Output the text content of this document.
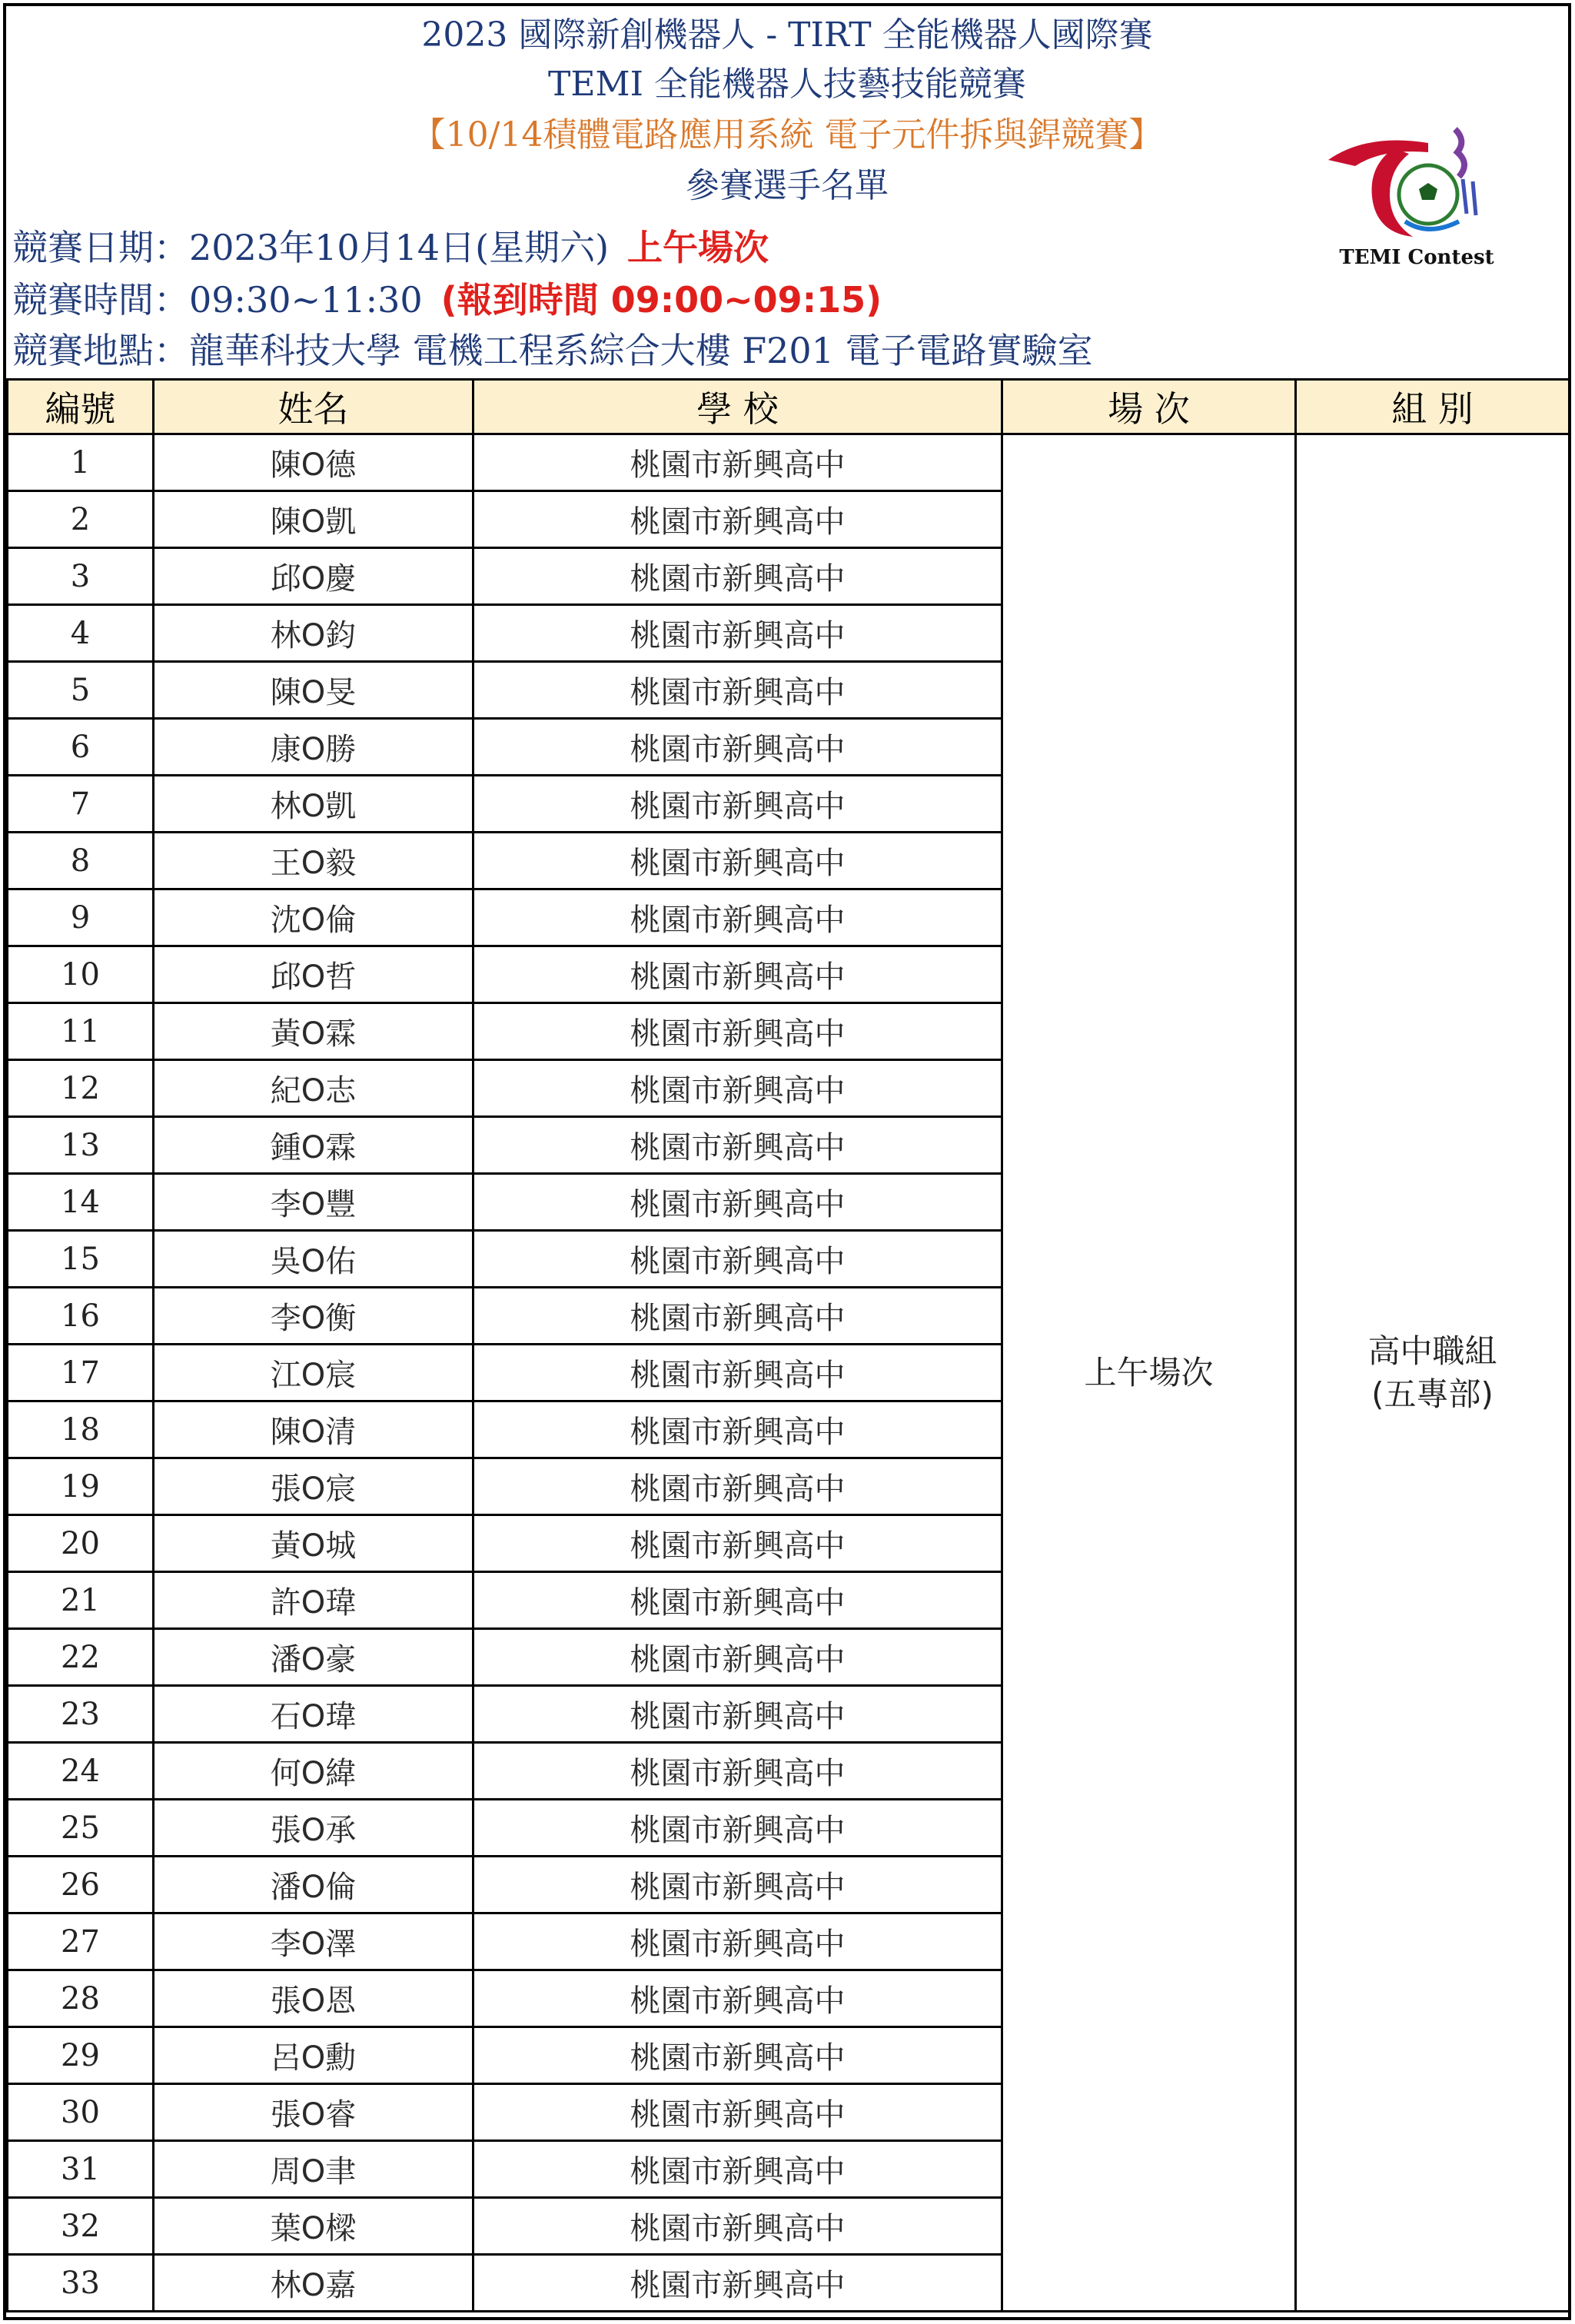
2023 國際新創機器人 - TIRT 全能機器人國際賽
TEMI 全能機器人技藝技能競賽
【10/14積體電路應用系統 電子元件拆與銲競賽】
參賽選手名單
競賽日期：2023年10月14日(星期六) 上午場次
競賽時間：09:30~11:30 (報到時間 09:00~09:15)
競賽地點：龍華科技大學 電機工程系綜合大樓 F201 電子電路實驗室
TEMI Contest
編號	姓名	學 校	場 次	組 別
1	陳O德	桃園市新興高中	上午場次	高中職組
(五專部)

2	陳O凱	桃園市新興高中		
3	邱O慶	桃園市新興高中		
4	林O鈞	桃園市新興高中		
5	陳O旻	桃園市新興高中		
6	康O勝	桃園市新興高中		
7	林O凱	桃園市新興高中		
8	王O毅	桃園市新興高中		
9	沈O倫	桃園市新興高中		
10	邱O哲	桃園市新興高中		
11	黃O霖	桃園市新興高中		
12	紀O志	桃園市新興高中		
13	鍾O霖	桃園市新興高中		
14	李O豐	桃園市新興高中		
15	吳O佑	桃園市新興高中		
16	李O衡	桃園市新興高中		
17	江O宸	桃園市新興高中		
18	陳O清	桃園市新興高中		
19	張O宸	桃園市新興高中		
20	黃O城	桃園市新興高中		
21	許O瑋	桃園市新興高中		
22	潘O豪	桃園市新興高中		
23	石O瑋	桃園市新興高中		
24	何O緯	桃園市新興高中		
25	張O承	桃園市新興高中		
26	潘O倫	桃園市新興高中		
27	李O澤	桃園市新興高中		
28	張O恩	桃園市新興高中		
29	呂O勳	桃園市新興高中		
30	張O睿	桃園市新興高中		
31	周O聿	桃園市新興高中		
32	葉O樑	桃園市新興高中		
33	林O嘉	桃園市新興高中		
